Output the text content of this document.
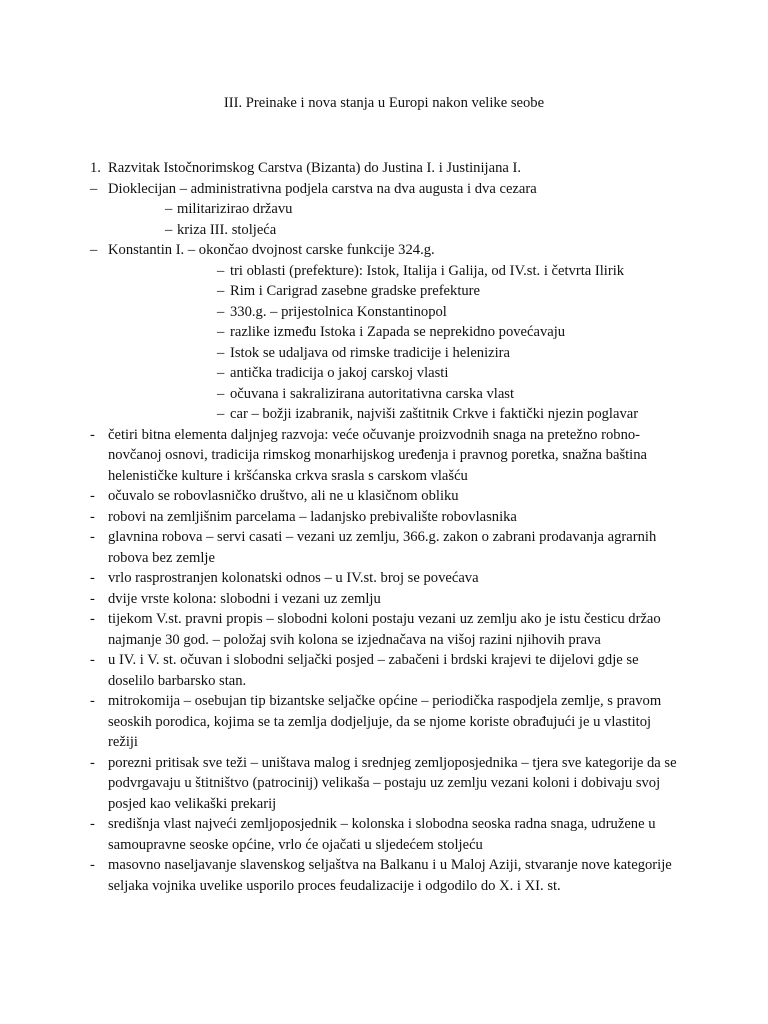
III. Preinake i nova stanja u Europi nakon velike seobe
1. Razvitak Istočnorimskog Carstva (Bizanta) do Justina I. i Justinijana I.
– Dioklecijan – administrativna podjela carstva na dva augusta i dva cezara
– militarizirao državu
– kriza III. stoljeća
– Konstantin I. – okončao dvojnost carske funkcije 324.g.
– tri oblasti (prefekture): Istok, Italija i Galija, od IV.st. i četvrta Ilirik
– Rim i Carigrad zasebne gradske prefekture
– 330.g. – prijestolnica Konstantinopol
– razlike između Istoka i Zapada se neprekidno povećavaju
– Istok se udaljava od rimske tradicije i helenizira
– antička tradicija o jakoj carskoj vlasti
– očuvana i sakralizirana autoritativna carska vlast
– car – božji izabranik, najviši zaštitnik Crkve i faktički njezin poglavar
- četiri bitna elementa daljnjeg razvoja: veće očuvanje proizvodnih snaga na pretežno robno-novčanoj osnovi, tradicija rimskog monarhijskog uređenja i pravnog poretka, snažna baština helenističke kulture i kršćanska crkva srasla s carskom vlašću
- očuvalo se robovlasničko društvo, ali ne u klasičnom obliku
- robovi na zemljišnim parcelama – ladanjsko prebivalište robovlasnika
- glavnina robova – servi casati – vezani uz zemlju, 366.g. zakon o zabrani prodavanja agrarnih robova bez zemlje
- vrlo rasprostranjen kolonatski odnos – u IV.st. broj se povećava
- dvije vrste kolona: slobodni i vezani uz zemlju
- tijekom V.st. pravni propis – slobodni koloni postaju vezani uz zemlju ako je istu česticu držao najmanje 30 god. – položaj svih kolona se izjednačava na višoj razini njihovih prava
- u IV. i V. st. očuvan i slobodni seljački posjed – zabačeni i brdski krajevi te dijelovi gdje se doselilo barbarsko stan.
- mitrokomija – osebujan tip bizantske seljačke općine – periodička raspodjela zemlje, s pravom seoskih porodica, kojima se ta zemlja dodjeljuje, da se njome koriste obrađujući je u vlastitoj režiji
- porezni pritisak sve teži – uništava malog i srednjeg zemljoposjednika – tjera sve kategorije da se podvrgavaju u štitništvo (patrocinij) velikaša – postaju uz zemlju vezani koloni i dobivaju svoj posjed kao velikaški prekarij
- središnja vlast najveći zemljoposjednik – kolonska i slobodna seoska radna snaga, udružene u samoupravne seoske općine, vrlo će ojačati u sljedećem stoljeću
- masovno naseljavanje slavenskog seljaštva na Balkanu i u Maloj Aziji, stvaranje nove kategorije seljaka vojnika uvelike usporilo proces feudalizacije i odgodilo do X. i XI. st.
